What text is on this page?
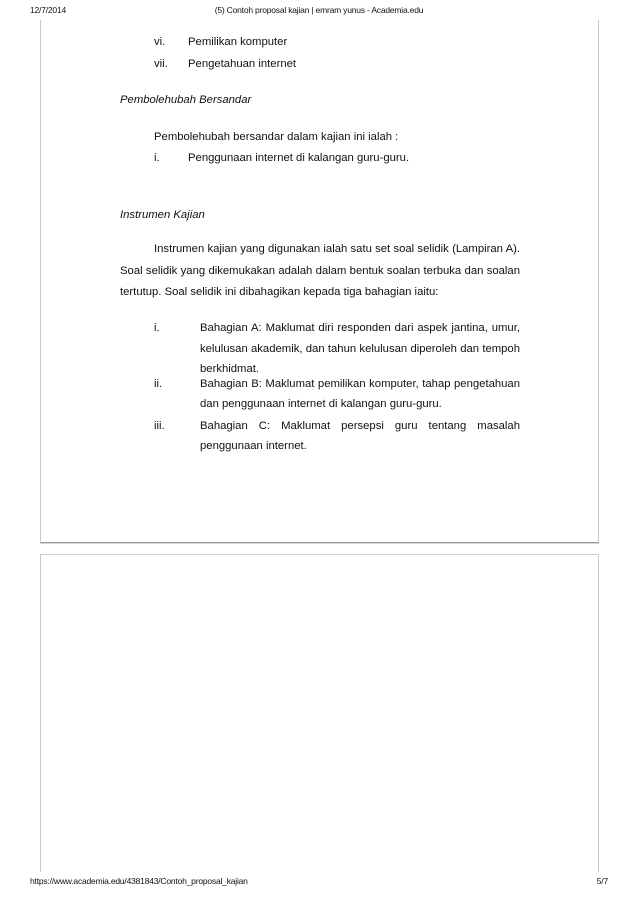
12/7/2014	(5) Contoh proposal kajian | emram yunus - Academia.edu
vi. Pemilikan komputer
vii. Pengetahuan internet
Pembolehubah Bersandar
Pembolehubah bersandar dalam kajian ini ialah :
i.	Penggunaan internet di kalangan guru-guru.
Instrumen Kajian
Instrumen kajian yang digunakan ialah satu set soal selidik (Lampiran A).
Soal selidik yang dikemukakan adalah dalam bentuk soalan terbuka dan soalan
tertutup. Soal selidik ini dibahagikan kepada tiga bahagian iaitu:
i.	Bahagian A: Maklumat diri responden dari aspek jantina, umur,
kelulusan akademik, dan tahun kelulusan diperoleh dan tempoh
berkhidmat.
ii.	Bahagian B: Maklumat pemilikan komputer, tahap pengetahuan
dan penggunaan internet di kalangan guru-guru.
iii.	Bahagian C: Maklumat persepsi guru tentang masalah
penggunaan internet.
https://www.academia.edu/4381843/Contoh_proposal_kajian	5/7
